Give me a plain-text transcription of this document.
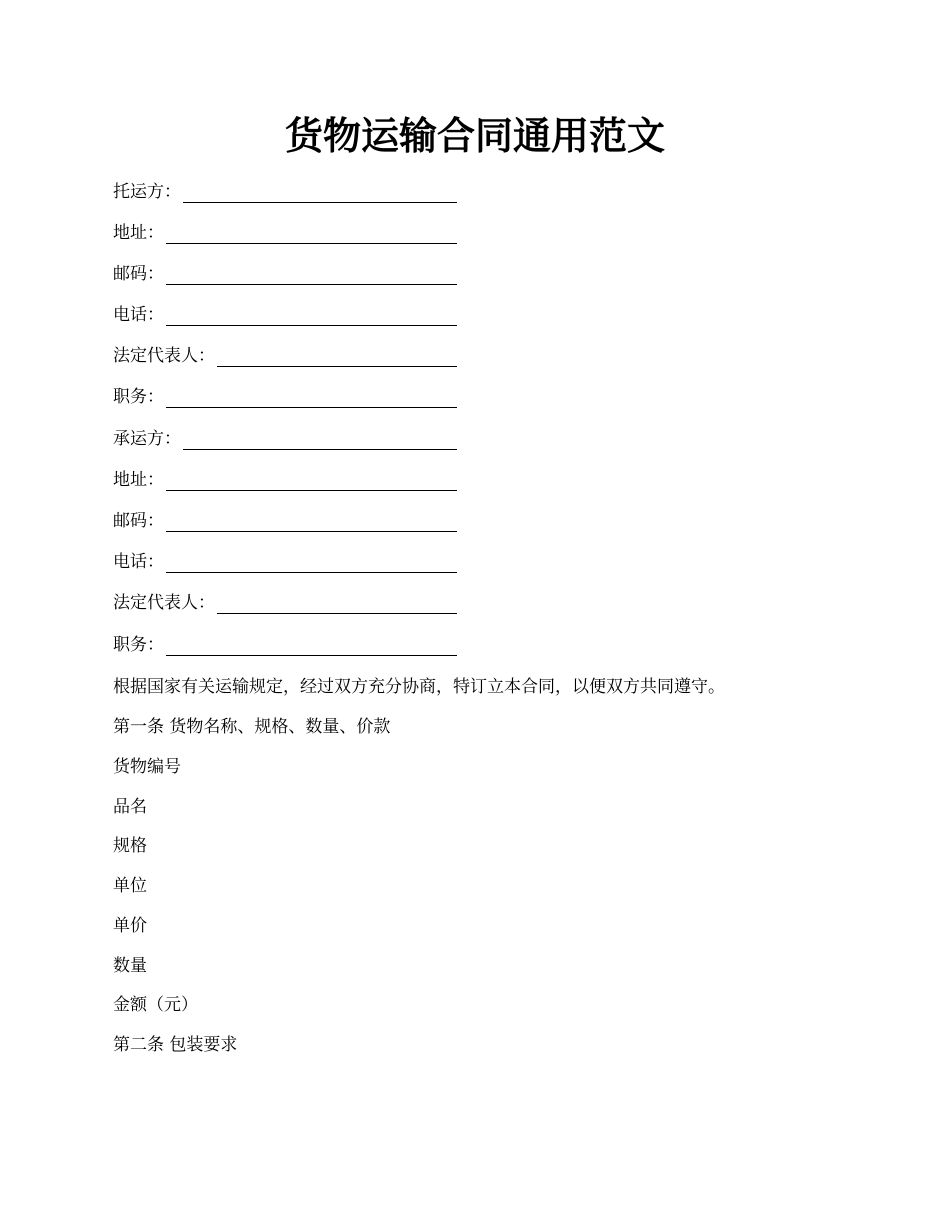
货物运输合同通用范文
托运方：
地址：
邮码：
电话：
法定代表人：
职务：
承运方：
地址：
邮码：
电话：
法定代表人：
职务：
根据国家有关运输规定，经过双方充分协商，特订立本合同，以便双方共同遵守。
第一条 货物名称、规格、数量、价款
货物编号
品名
规格
单位
单价
数量
金额（元）
第二条 包装要求
